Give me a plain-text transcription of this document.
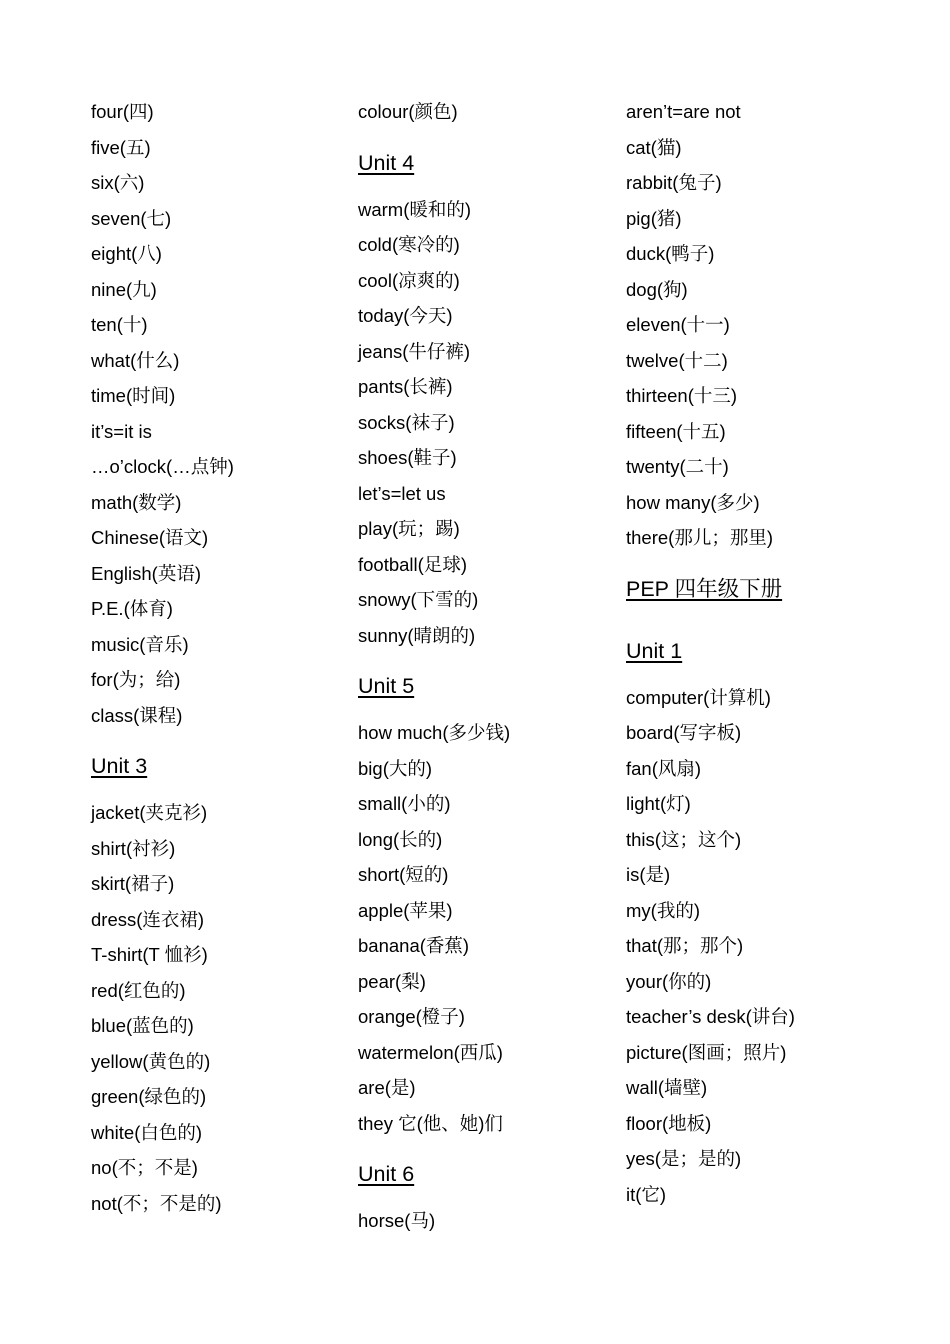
four(四)
five(五)
six(六)
seven(七)
eight(八)
nine(九)
ten(十)
what(什么)
time(时间)
it’s=it is
…o’clock(…点钟)
math(数学)
Chinese(语文)
English(英语)
P.E.(体育)
music(音乐)
for(为；给)
class(课程)
Unit 3
jacket(夹克衫)
shirt(衬衫)
skirt(裙子)
dress(连衣裙)
T-shirt(T 恤衫)
red(红色的)
blue(蓝色的)
yellow(黄色的)
green(绿色的)
white(白色的)
no(不；不是)
not(不；不是的)
colour(颜色)
Unit 4
warm(暖和的)
cold(寒冷的)
cool(凉爽的)
today(今天)
jeans(牛仔裤)
pants(长裤)
socks(袜子)
shoes(鞋子)
let’s=let us
play(玩；踢)
football(足球)
snowy(下雪的)
sunny(晴朗的)
Unit 5
how much(多少钱)
big(大的)
small(小的)
long(长的)
short(短的)
apple(苹果)
banana(香蕉)
pear(梨)
orange(橙子)
watermelon(西瓜)
are(是)
they 它(他、她)们
Unit 6
horse(马)
aren’t=are not
cat(猫)
rabbit(兔子)
pig(猪)
duck(鸭子)
dog(狗)
eleven(十一)
twelve(十二)
thirteen(十三)
fifteen(十五)
twenty(二十)
how many(多少)
there(那儿；那里)
PEP 四年级下册
Unit 1
computer(计算机)
board(写字板)
fan(风扇)
light(灯)
this(这；这个)
is(是)
my(我的)
that(那；那个)
your(你的)
teacher’s desk(讲台)
picture(图画；照片)
wall(墙壁)
floor(地板)
yes(是；是的)
it(它)
